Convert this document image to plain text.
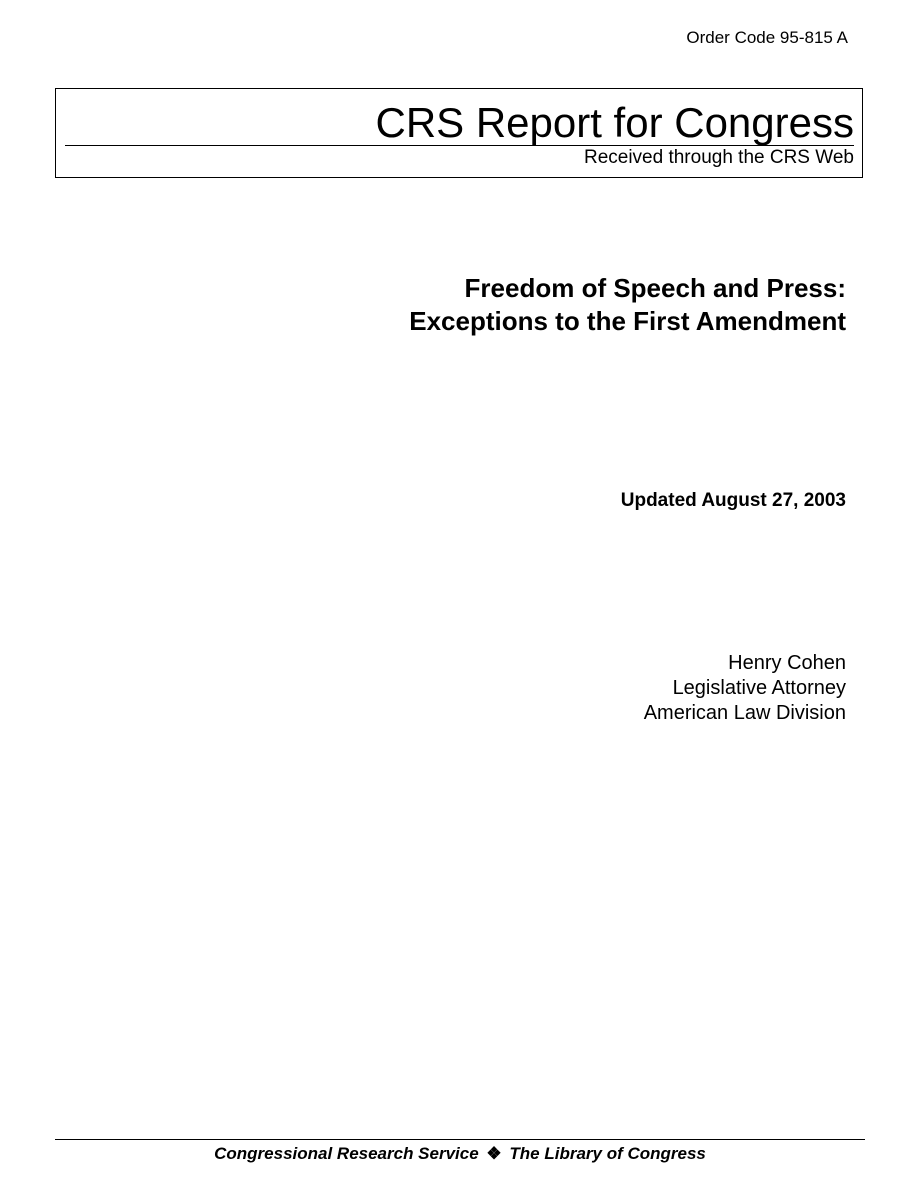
Order Code 95-815 A
CRS Report for Congress
Received through the CRS Web
Freedom of Speech and Press:
Exceptions to the First Amendment
Updated August 27, 2003
Henry Cohen
Legislative Attorney
American Law Division
Congressional Research Service ❖ The Library of Congress
